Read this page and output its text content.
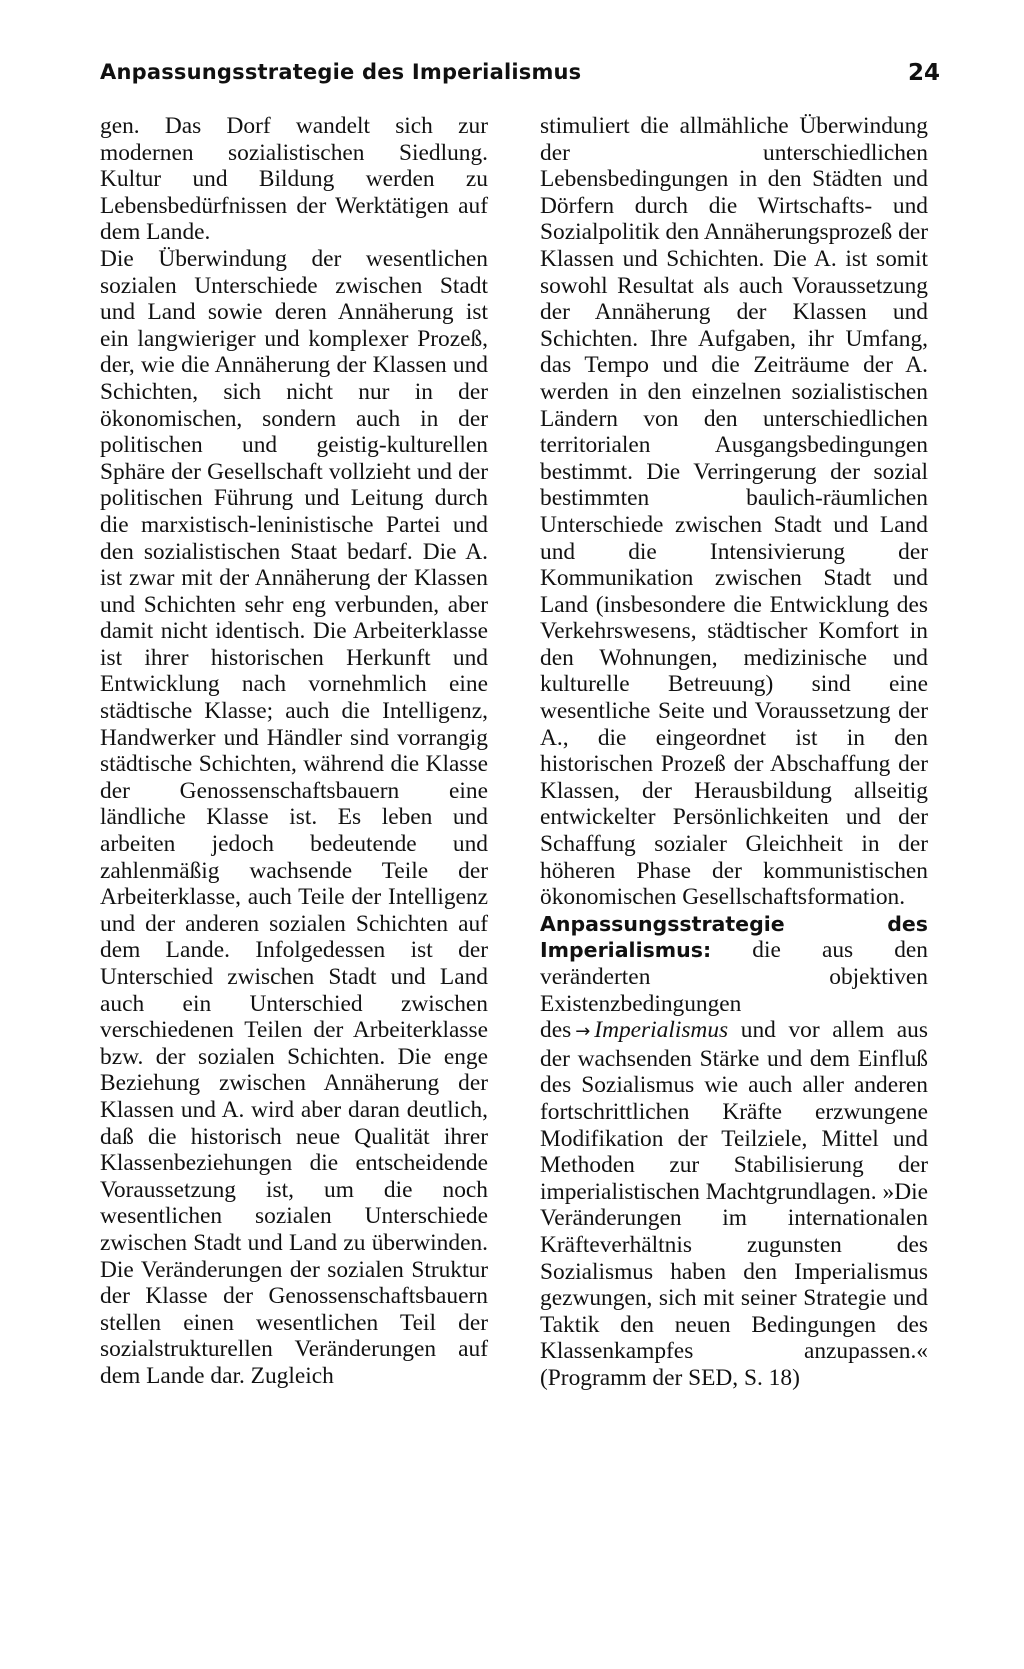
Anpassungsstrategie des Imperialismus	24

gen. Das Dorf wandelt sich zur modernen sozialistischen Siedlung. Kultur und Bildung werden zu Lebensbedürfnissen der Werktätigen auf dem Lande.

Die Überwindung der wesentlichen sozialen Unterschiede zwischen Stadt und Land sowie deren Annäherung ist ein langwieriger und komplexer Prozeß, der, wie die Annäherung der Klassen und Schichten, sich nicht nur in der ökonomischen, sondern auch in der politischen und geistig-kulturellen Sphäre der Gesellschaft vollzieht und der politischen Führung und Leitung durch die marxistisch-leninistische Partei und den sozialistischen Staat bedarf. Die A. ist zwar mit der Annäherung der Klassen und Schichten sehr eng verbunden, aber damit nicht identisch. Die Arbeiterklasse ist ihrer historischen Herkunft und Entwicklung nach vornehmlich eine städtische Klasse; auch die Intelligenz, Handwerker und Händler sind vorrangig städtische Schichten, während die Klasse der Genossenschaftsbauern eine ländliche Klasse ist. Es leben und arbeiten jedoch bedeutende und zahlenmäßig wachsende Teile der Arbeiterklasse, auch Teile der Intelligenz und der anderen sozialen Schichten auf dem Lande. Infolgedessen ist der Unterschied zwischen Stadt und Land auch ein Unterschied zwischen verschiedenen Teilen der Arbeiterklasse bzw. der sozialen Schichten. Die enge Beziehung zwischen Annäherung der Klassen und A. wird aber daran deutlich, daß die historisch neue Qualität ihrer Klassenbeziehungen die entscheidende Voraussetzung ist, um die noch wesentlichen sozialen Unterschiede zwischen Stadt und Land zu überwinden. Die Veränderungen der sozialen Struktur der Klasse der Genossenschaftsbauern stellen einen wesentlichen Teil der sozialstrukturellen Veränderungen auf dem Lande dar. Zugleich

stimuliert die allmähliche Überwindung der unterschiedlichen Lebensbedingungen in den Städten und Dörfern durch die Wirtschafts- und Sozialpolitik den Annäherungsprozeß der Klassen und Schichten. Die A. ist somit sowohl Resultat als auch Voraussetzung der Annäherung der Klassen und Schichten. Ihre Aufgaben, ihr Umfang, das Tempo und die Zeiträume der A. werden in den einzelnen sozialistischen Ländern von den unterschiedlichen territorialen Ausgangsbedingungen bestimmt. Die Verringerung der sozial bestimmten baulich-räumlichen Unterschiede zwischen Stadt und Land und die Intensivierung der Kommunikation zwischen Stadt und Land (insbesondere die Entwicklung des Verkehrswesens, städtischer Komfort in den Wohnungen, medizinische und kulturelle Betreuung) sind eine wesentliche Seite und Voraussetzung der A., die eingeordnet ist in den historischen Prozeß der Abschaffung der Klassen, der Herausbildung allseitig entwickelter Persönlichkeiten und der Schaffung sozialer Gleichheit in der höheren Phase der kommunistischen ökonomischen Gesellschaftsformation.

Anpassungsstrategie des Imperialismus: die aus den veränderten objektiven Existenzbedingungen des → Imperialismus und vor allem aus der wachsenden Stärke und dem Einfluß des Sozialismus wie auch aller anderen fortschrittlichen Kräfte erzwungene Modifikation der Teilziele, Mittel und Methoden zur Stabilisierung der imperialistischen Machtgrundlagen. »Die Veränderungen im internationalen Kräfteverhältnis zugunsten des Sozialismus haben den Imperialismus gezwungen, sich mit seiner Strategie und Taktik den neuen Bedingungen des Klassenkampfes anzupassen.« (Programm der SED, S. 18)
